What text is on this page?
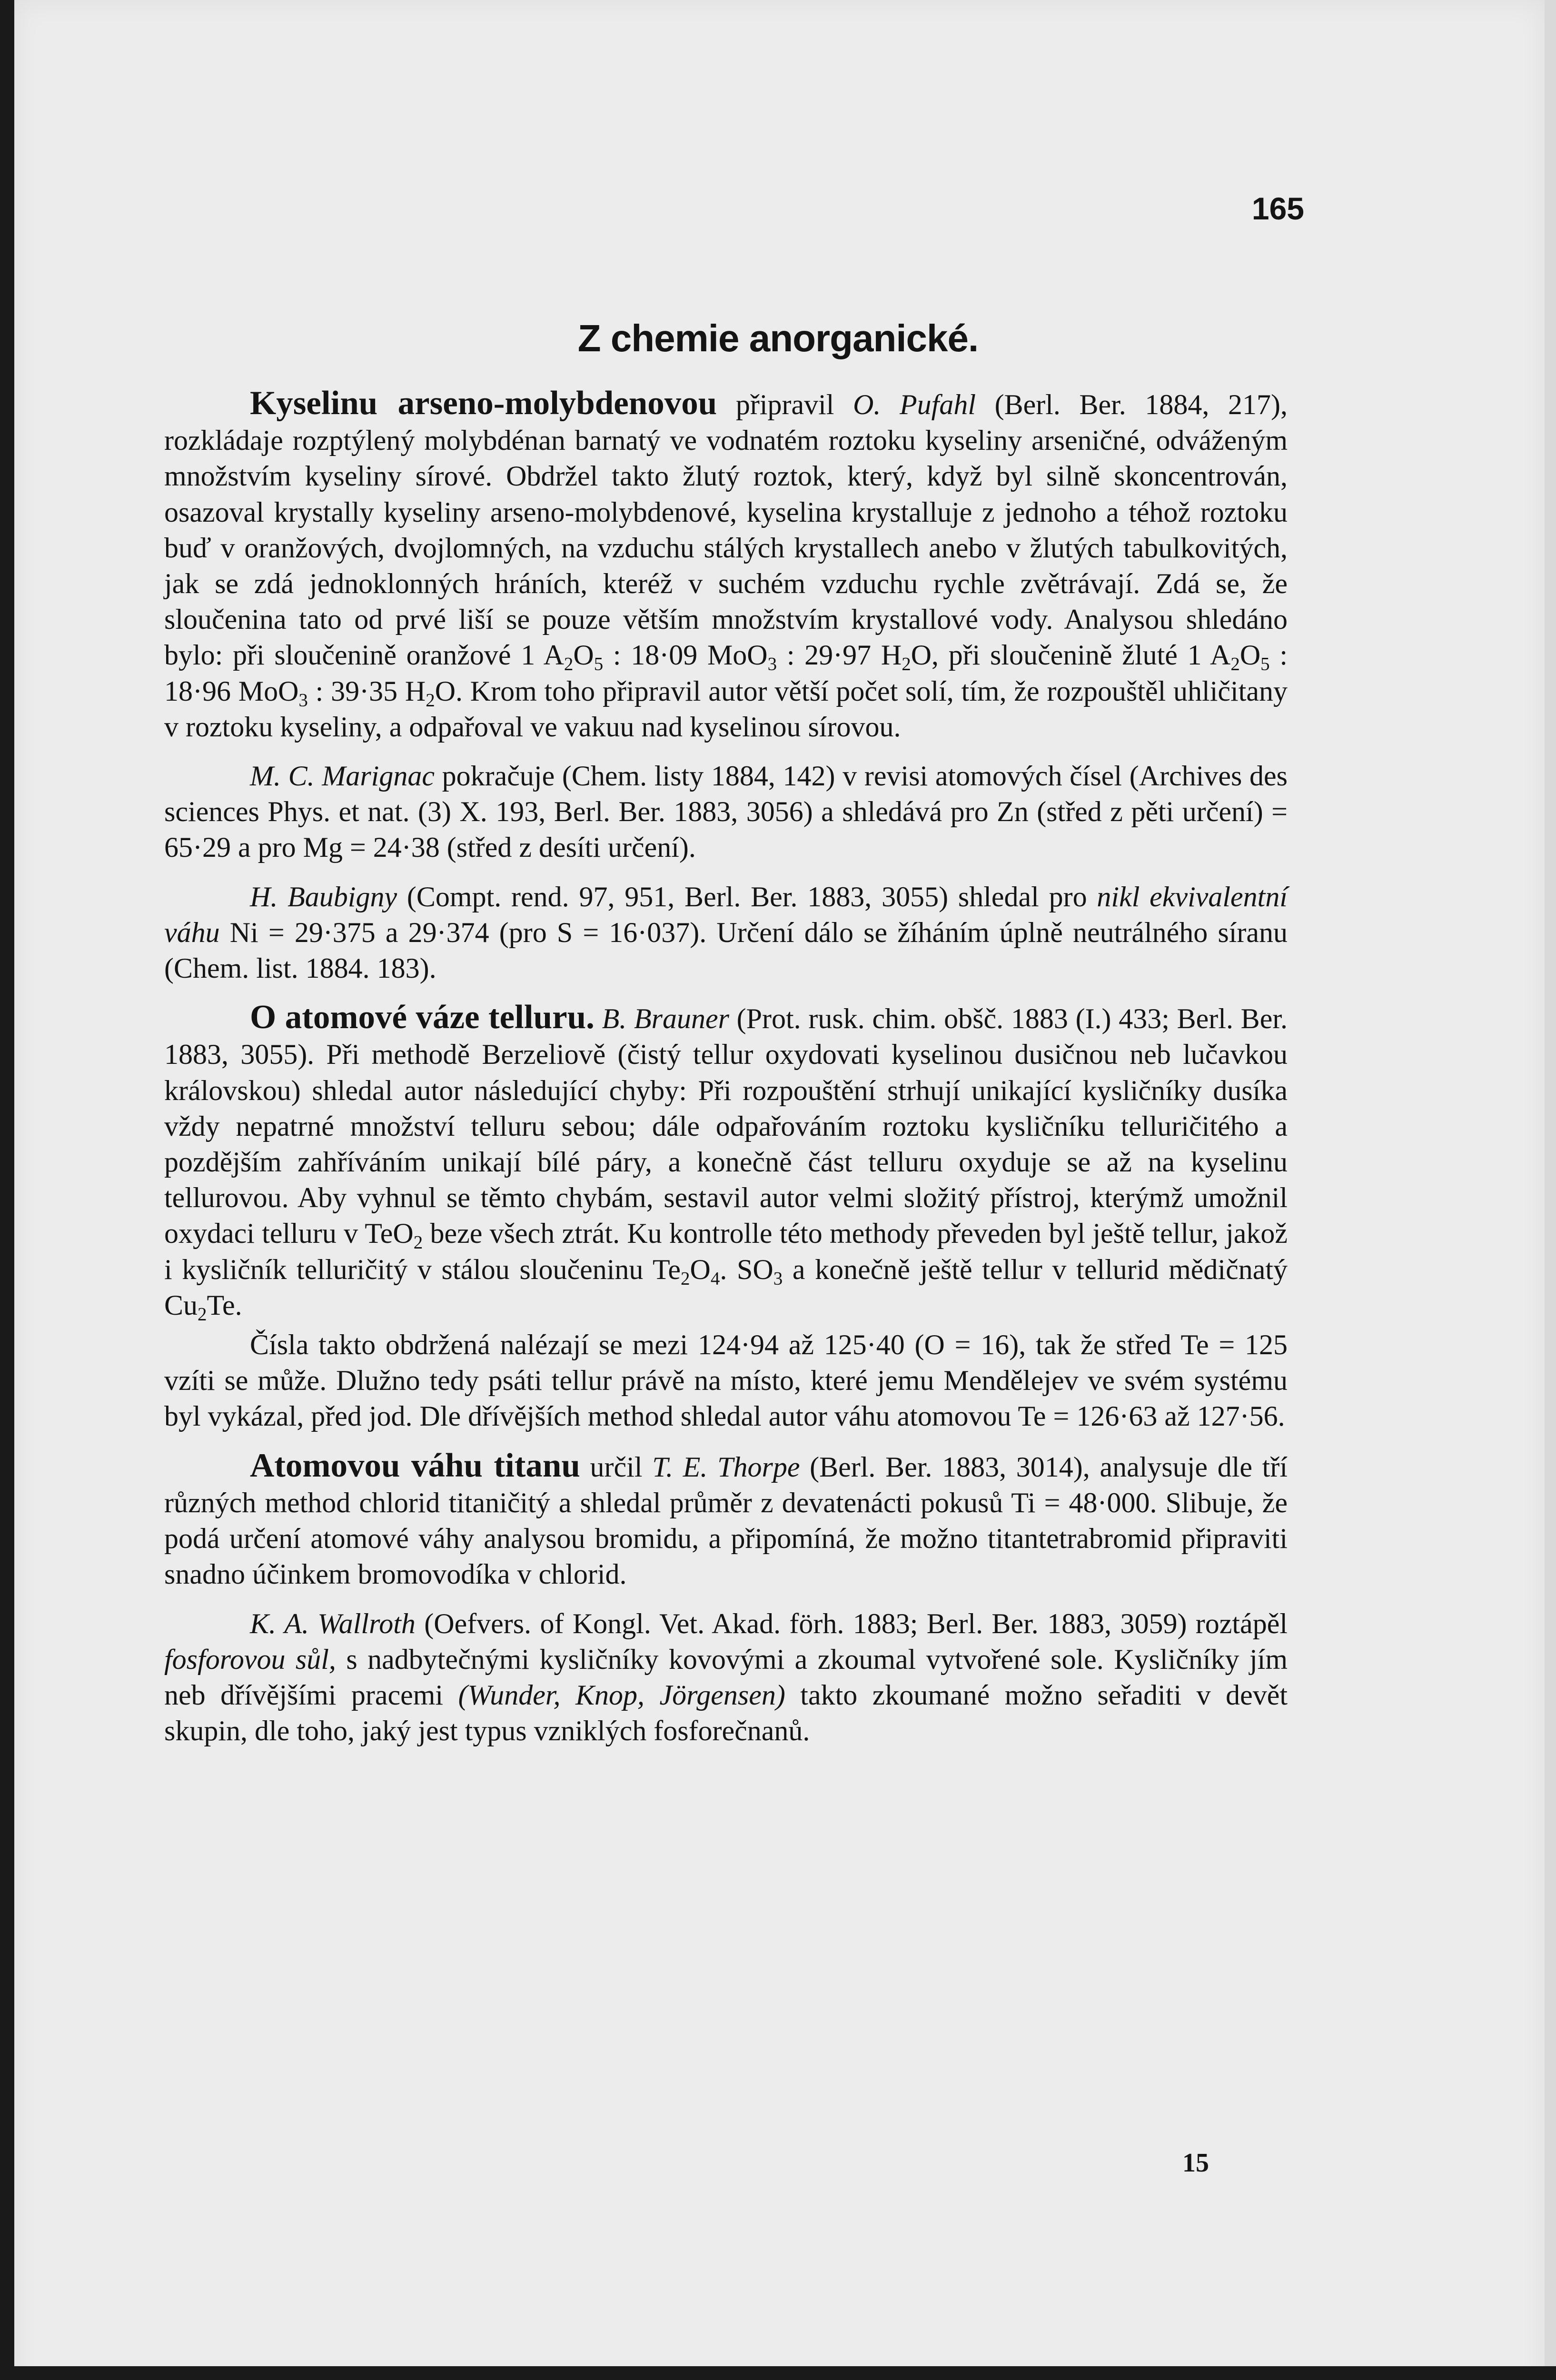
165
Z chemie anorganické.

Kyselinu arseno-molybdenovou připravil O. Pufahl (Berl. Ber. 1884, 217), rozkládaje rozptýlený molybdénan barnatý ve vodnatém roztoku kyseliny arseničné, odváženým množstvím kyseliny sírové. Obdržel takto žlutý roztok, který, když byl silně skoncentrován, osazoval krystally kyseliny arseno-molybdenové, kyselina krystalluje z jednoho a téhož roztoku buď v oranžových, dvojlomných, na vzduchu stálých krystallech anebo v žlutých tabulkovitých, jak se zdá jednoklonných hráních, kteréž v suchém vzduchu rychle zvětrávají. Zdá se, že sloučenina tato od prvé liší se pouze větším množstvím krystallové vody. Analysou shledáno bylo: při sloučenině oranžové 1 $A_2O_5$ : 18·09 MoO$_3$ : 29·97 $H_2O$, při sloučenině žluté 1 $A_2O_5$ : 18·96 MoO$_3$ : 39·35 $H_2O$. Krom toho připravil autor větší počet solí, tím, že rozpouštěl uhličitany v roztoku kyseliny, a odpařoval ve vakuu nad kyselinou sírovou.

M. C. Marignac pokračuje (Chem. listy 1884, 142) v revisi atomových čísel (Archives des sciences Phys. et nat. (3) X. 193, Berl. Ber. 1883, 3056) a shledává pro Zn (střed z pěti určení) = 65·29 a pro Mg = 24·38 (střed z desíti určení).

H. Baubigny (Compt. rend. 97, 951, Berl. Ber. 1883, 3055) shledal pro nikl ekvivalentní váhu Ni = 29·375 a 29·374 (pro S = 16·037). Určení dálo se žíháním úplně neutrálného síranu (Chem. list. 1884. 183).

O atomové váze telluru. B. Brauner (Prot. rusk. chim. obšč. 1883 (I.) 433; Berl. Ber. 1883, 3055). Při methodě Berzeliově (čistý tellur oxydovati kyselinou dusičnou neb lučavkou královskou) shledal autor následující chyby: Při rozpouštění strhují unikající kysličníky dusíka vždy nepatrné množství telluru sebou; dále odpařováním roztoku kysličníku telluričitého a pozdějším zahříváním unikají bílé páry, a konečně část telluru oxyduje se až na kyselinu tellurovou. Aby vyhnul se těmto chybám, sestavil autor velmi složitý přístroj, kterýmž umožnil oxydaci telluru v TeO$_2$ beze všech ztrát. Ku kontrolle této methody převeden byl ještě tellur, jakož i kysličník telluričitý v stálou sloučeninu $Te_2O_4$. $SO_3$ a konečně ještě tellur v tellurid mědičnatý $Cu_2Te$.

Čísla takto obdržená nalézají se mezi 124·94 až 125·40 (O = 16), tak že střed Te = 125 vzíti se může. Dlužno tedy psáti tellur právě na místo, které jemu Mendělejev ve svém systému byl vykázal, před jod. Dle dřívějších method shledal autor váhu atomovou Te = 126·63 až 127·56.

Atomovou váhu titanu určil T. E. Thorpe (Berl. Ber. 1883, 3014), analysuje dle tří různých method chlorid titaničitý a shledal průměr z devatenácti pokusů Ti = 48·000. Slibuje, že podá určení atomové váhy analysou bromidu, a připomíná, že možno titantetrabromid připraviti snadno účinkem bromovodíka v chlorid.

K. A. Wallroth (Oefvers. of Kongl. Vet. Akad. förh. 1883; Berl. Ber. 1883, 3059) roztápěl fosforovou sůl, s nadbytečnými kysličníky kovovými a zkoumal vytvořené sole. Kysličníky jím neb dřívějšími pracemi (Wunder, Knop, Jörgensen) takto zkoumané možno seřaditi v devět skupin, dle toho, jaký jest typus vzniklých fosforečnanů.

15
